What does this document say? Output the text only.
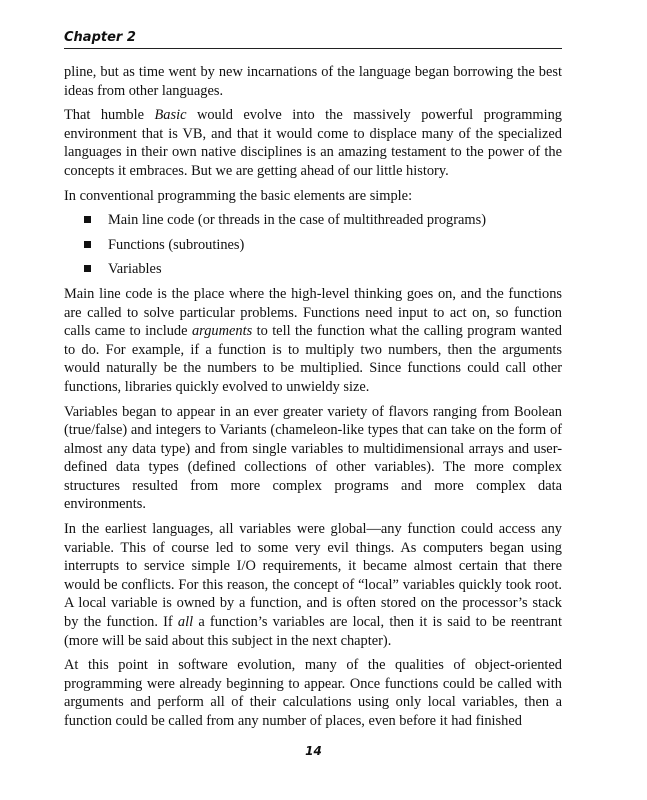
Chapter 2

pline, but as time went by new incarnations of the language began borrowing the best ideas from other languages.

That humble Basic would evolve into the massively powerful programming environment that is VB, and that it would come to displace many of the specialized languages in their own native disciplines is an amazing testament to the power of the concepts it embraces. But we are getting ahead of our little history.

In conventional programming the basic elements are simple:

Main line code (or threads in the case of multithreaded programs)
Functions (subroutines)
Variables

Main line code is the place where the high-level thinking goes on, and the functions are called to solve particular problems. Functions need input to act on, so function calls came to include arguments to tell the function what the calling program wanted to do. For example, if a function is to multiply two numbers, then the arguments would naturally be the numbers to be multiplied. Since functions could call other functions, libraries quickly evolved to unwieldy size.

Variables began to appear in an ever greater variety of flavors ranging from Boolean (true/false) and integers to Variants (chameleon-like types that can take on the form of almost any data type) and from single variables to multidimensional arrays and user-defined data types (defined collections of other variables). The more complex structures resulted from more complex programs and more complex data environments.

In the earliest languages, all variables were global—any function could access any variable. This of course led to some very evil things. As computers began using interrupts to service simple I/O requirements, it became almost certain that there would be conflicts. For this reason, the concept of “local” variables quickly took root. A local variable is owned by a function, and is often stored on the processor’s stack by the function. If all a function’s variables are local, then it is said to be reentrant (more will be said about this subject in the next chapter).

At this point in software evolution, many of the qualities of object-oriented programming were already beginning to appear. Once functions could be called with arguments and perform all of their calculations using only local variables, then a function could be called from any number of places, even before it had finished

14
